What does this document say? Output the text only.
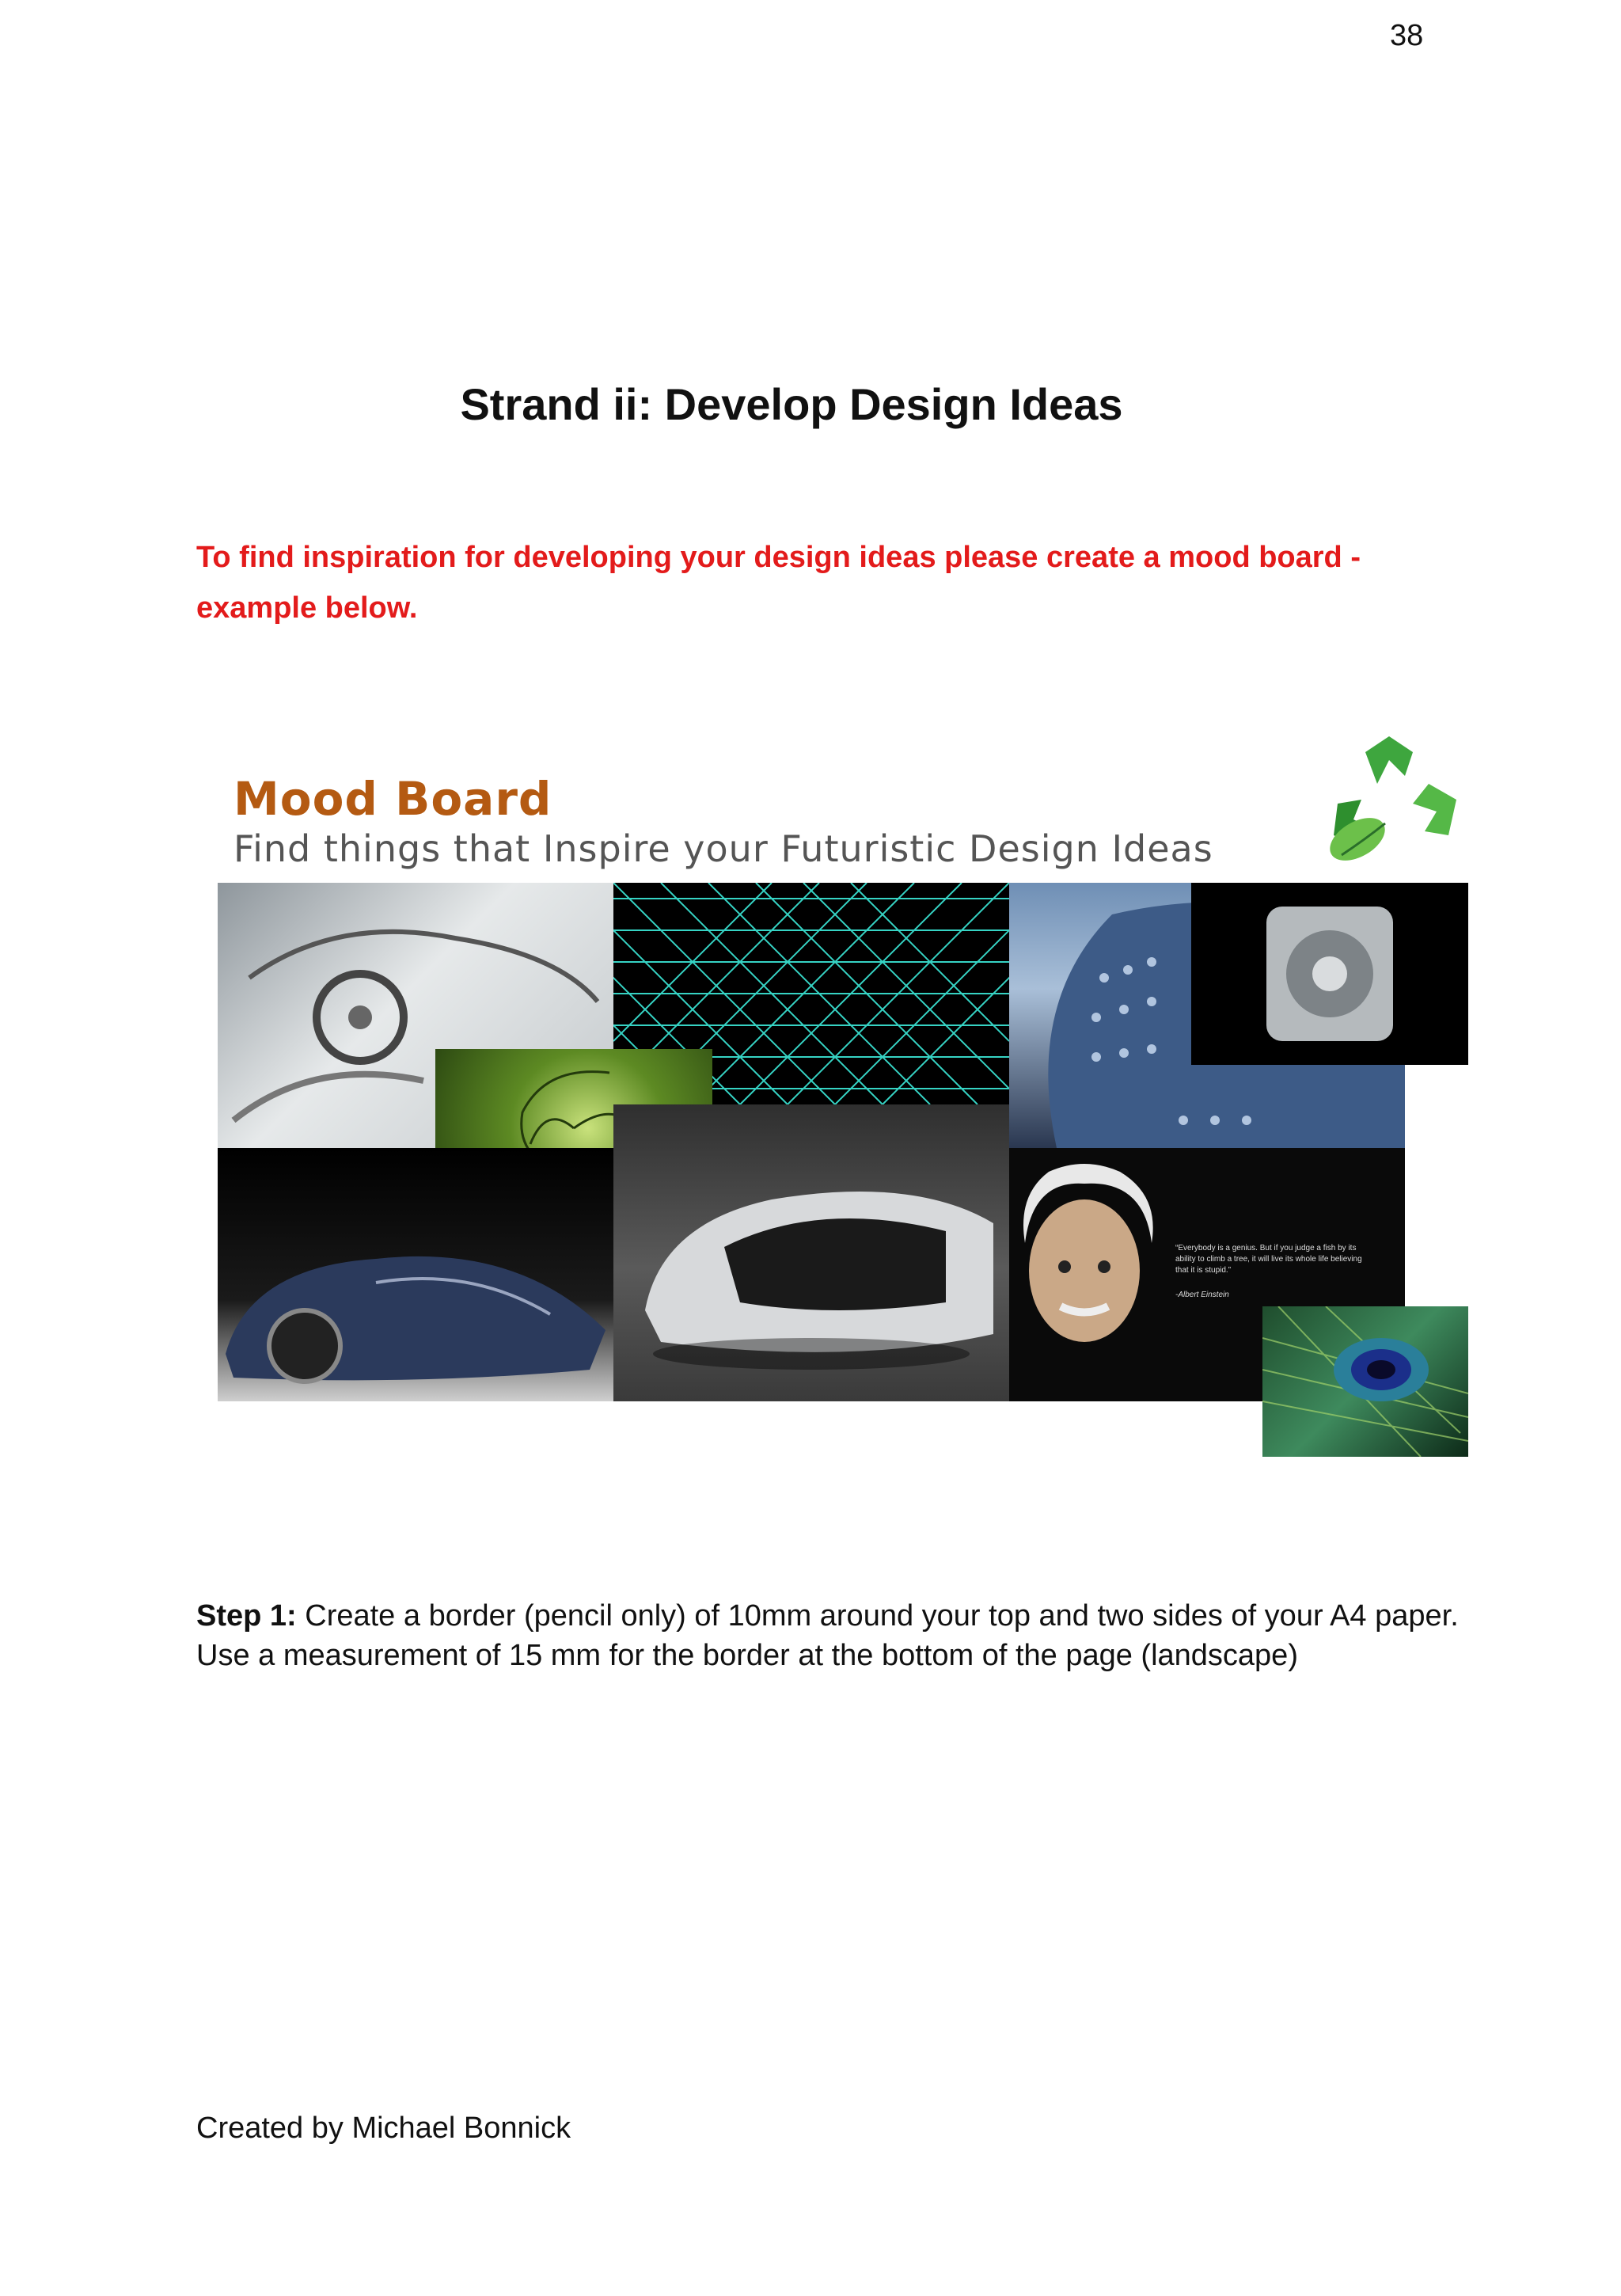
38
Strand ii: Develop Design Ideas

To find inspiration for developing your design ideas please create a mood board - example below.

Mood Board
Find things that Inspire your Futuristic Design Ideas
“Everybody is a genius. But if you judge a fish by its ability to climb a tree, it will live its whole life believing that it is stupid.”
-Albert Einstein

Step 1: Create a border (pencil only) of 10mm around your top and two sides of your A4 paper. Use a measurement of 15 mm for the border at the bottom of the page (landscape)

Created by Michael Bonnick
